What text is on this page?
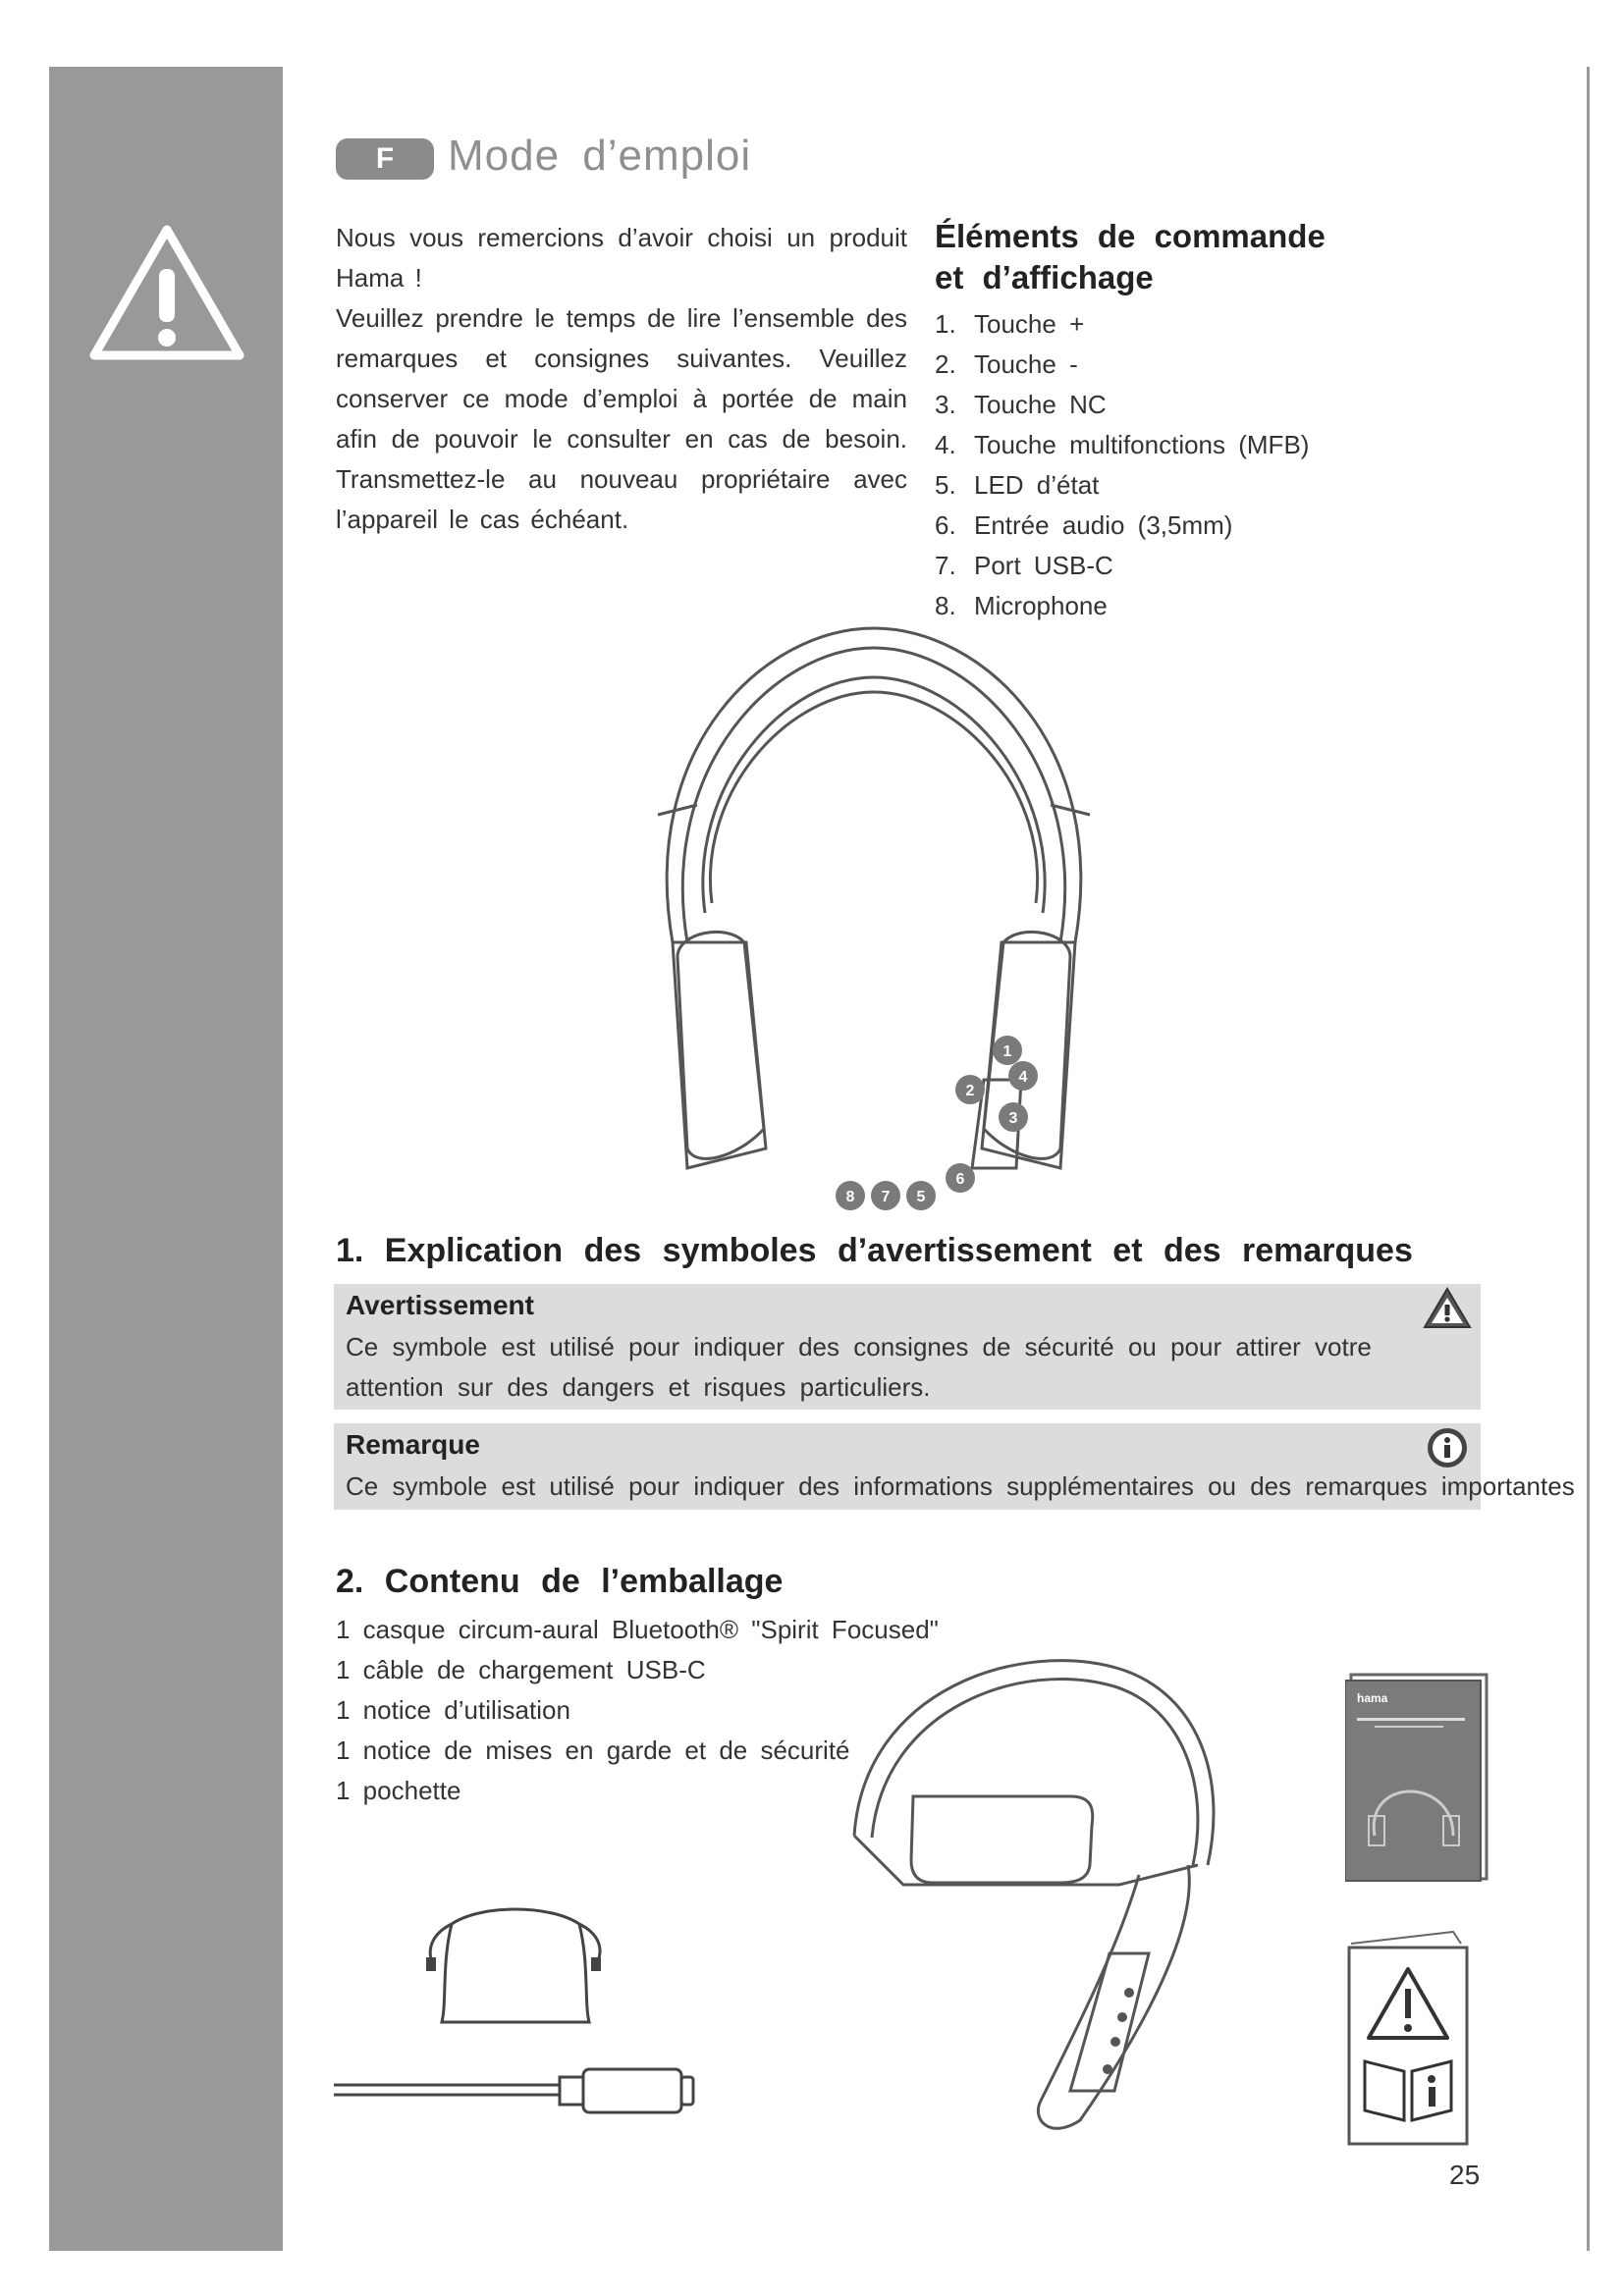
F	Mode d’emploi

Nous vous remercions d’avoir choisi un produit Hama !

Veuillez prendre le temps de lire l’ensemble des remarques et consignes suivantes. Veuillez conserver ce mode d’emploi à portée de main afin de pouvoir le consulter en cas de besoin. Transmettez-le au nouveau propriétaire avec l’appareil le cas échéant.

Éléments de commande et d’affichage
1. Touche +
2. Touche -
3. Touche NC
4. Touche multifonctions (MFB)
5. LED d’état
6. Entrée audio (3,5mm)
7. Port USB-C
8. Microphone
1
2
3
4
5
6
7
8
1. Explication des symboles d’avertissement et des remarques
Avertissement
Ce symbole est utilisé pour indiquer des consignes de sécurité ou pour attirer votre attention sur des dangers et risques particuliers.
Remarque
Ce symbole est utilisé pour indiquer des informations supplémentaires ou des remarques importantes
2. Contenu de l’emballage
1 casque circum-aural Bluetooth® "Spirit Focused"
1 câble de chargement USB-C
1 notice d’utilisation
1 notice de mises en garde et de sécurité
1 pochette
hama
25
